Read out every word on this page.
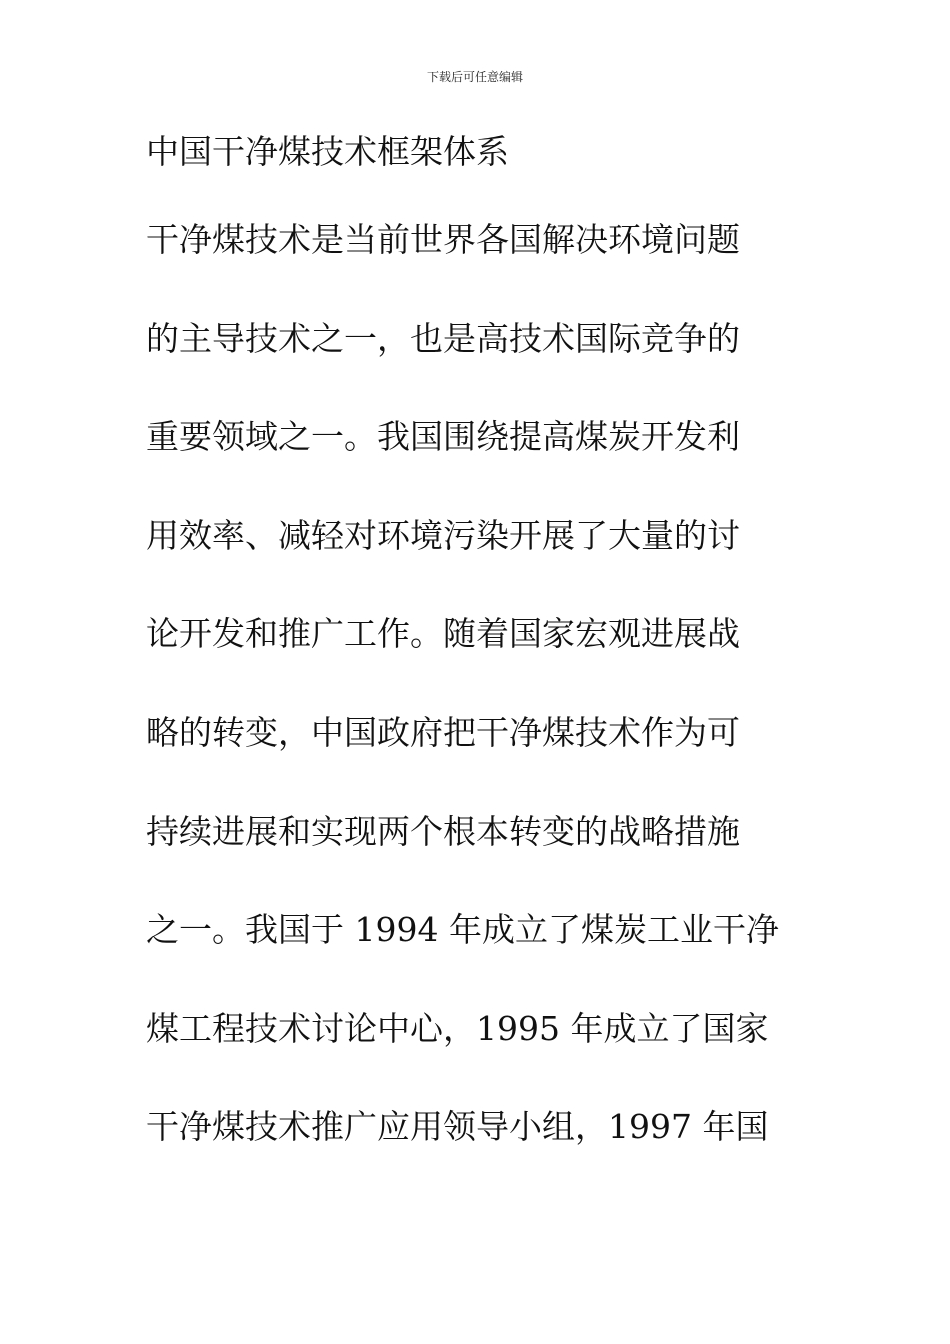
下载后可任意编辑
中国干净煤技术框架体系
干净煤技术是当前世界各国解决环境问题
的主导技术之一，也是高技术国际竞争的
重要领域之一。我国围绕提高煤炭开发利
用效率、减轻对环境污染开展了大量的讨
论开发和推广工作。随着国家宏观进展战
略的转变，中国政府把干净煤技术作为可
持续进展和实现两个根本转变的战略措施
之一。我国于 1994 年成立了煤炭工业干净
煤工程技术讨论中心，1995 年成立了国家
干净煤技术推广应用领导小组，1997 年国
